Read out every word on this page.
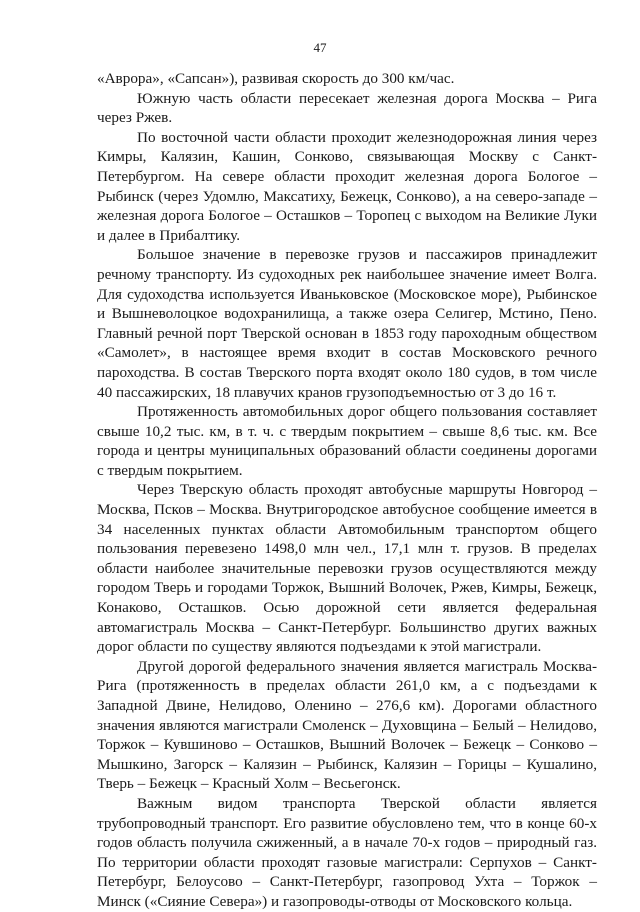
47

«Аврора», «Сапсан»), развивая скорость до 300 км/час.

Южную часть области пересекает железная дорога Москва – Рига через Ржев.

По восточной части области проходит железнодорожная линия через Кимры, Калязин, Кашин, Сонково, связывающая Москву с Санкт-Петербургом. На севере области проходит железная дорога Бологое – Рыбинск (через Удомлю, Максатиху, Бежецк, Сонково), а на северо-западе – железная дорога Бологое – Осташков – Торопец с выходом на Великие Луки и далее в Прибалтику.

Большое значение в перевозке грузов и пассажиров принадлежит речному транспорту. Из судоходных рек наибольшее значение имеет Волга. Для судоходства используется Иваньковское (Московское море), Рыбинское и Вышневолоцкое водохранилища, а также озера Селигер, Мстино, Пено. Главный речной порт Тверской основан в 1853 году пароходным обществом «Самолет», в настоящее время входит в состав Московского речного пароходства. В состав Тверского порта входят около 180 судов, в том числе 40 пассажирских, 18 плавучих кранов грузоподъемностью от 3 до 16 т.

Протяженность автомобильных дорог общего пользования составляет свыше 10,2 тыс. км, в т. ч. с твердым покрытием – свыше 8,6 тыс. км. Все города и центры муниципальных образований области соединены дорогами с твердым покрытием.

Через Тверскую область проходят автобусные маршруты Новгород – Москва, Псков – Москва. Внутригородское автобусное сообщение имеется в 34 населенных пунктах области Автомобильным транспортом общего пользования перевезено 1498,0 млн чел., 17,1 млн т. грузов. В пределах области наиболее значительные перевозки грузов осуществляются между городом Тверь и городами Торжок, Вышний Волочек, Ржев, Кимры, Бежецк, Конаково, Осташков. Осью дорожной сети является федеральная автомагистраль Москва – Санкт-Петербург. Большинство других важных дорог области по существу являются подъездами к этой магистрали.

Другой дорогой федерального значения является магистраль Москва-Рига (протяженность в пределах области 261,0 км, а с подъездами к Западной Двине, Нелидово, Оленино – 276,6 км). Дорогами областного значения являются магистрали Смоленск – Духовщина – Белый – Нелидово, Торжок – Кувшиново – Осташков, Вышний Волочек – Бежецк – Сонково – Мышкино, Загорск – Калязин – Рыбинск, Калязин – Горицы – Кушалино, Тверь – Бежецк – Красный Холм – Весьегонск.

Важным видом транспорта Тверской области является трубопроводный транспорт. Его развитие обусловлено тем, что в конце 60-х годов область получила сжиженный, а в начале 70-х годов – природный газ. По территории области проходят газовые магистрали: Серпухов – Санкт-Петербург, Белоусово – Санкт-Петербург, газопровод Ухта – Торжок – Минск («Сияние Севера») и газопроводы-отводы от Московского кольца.
